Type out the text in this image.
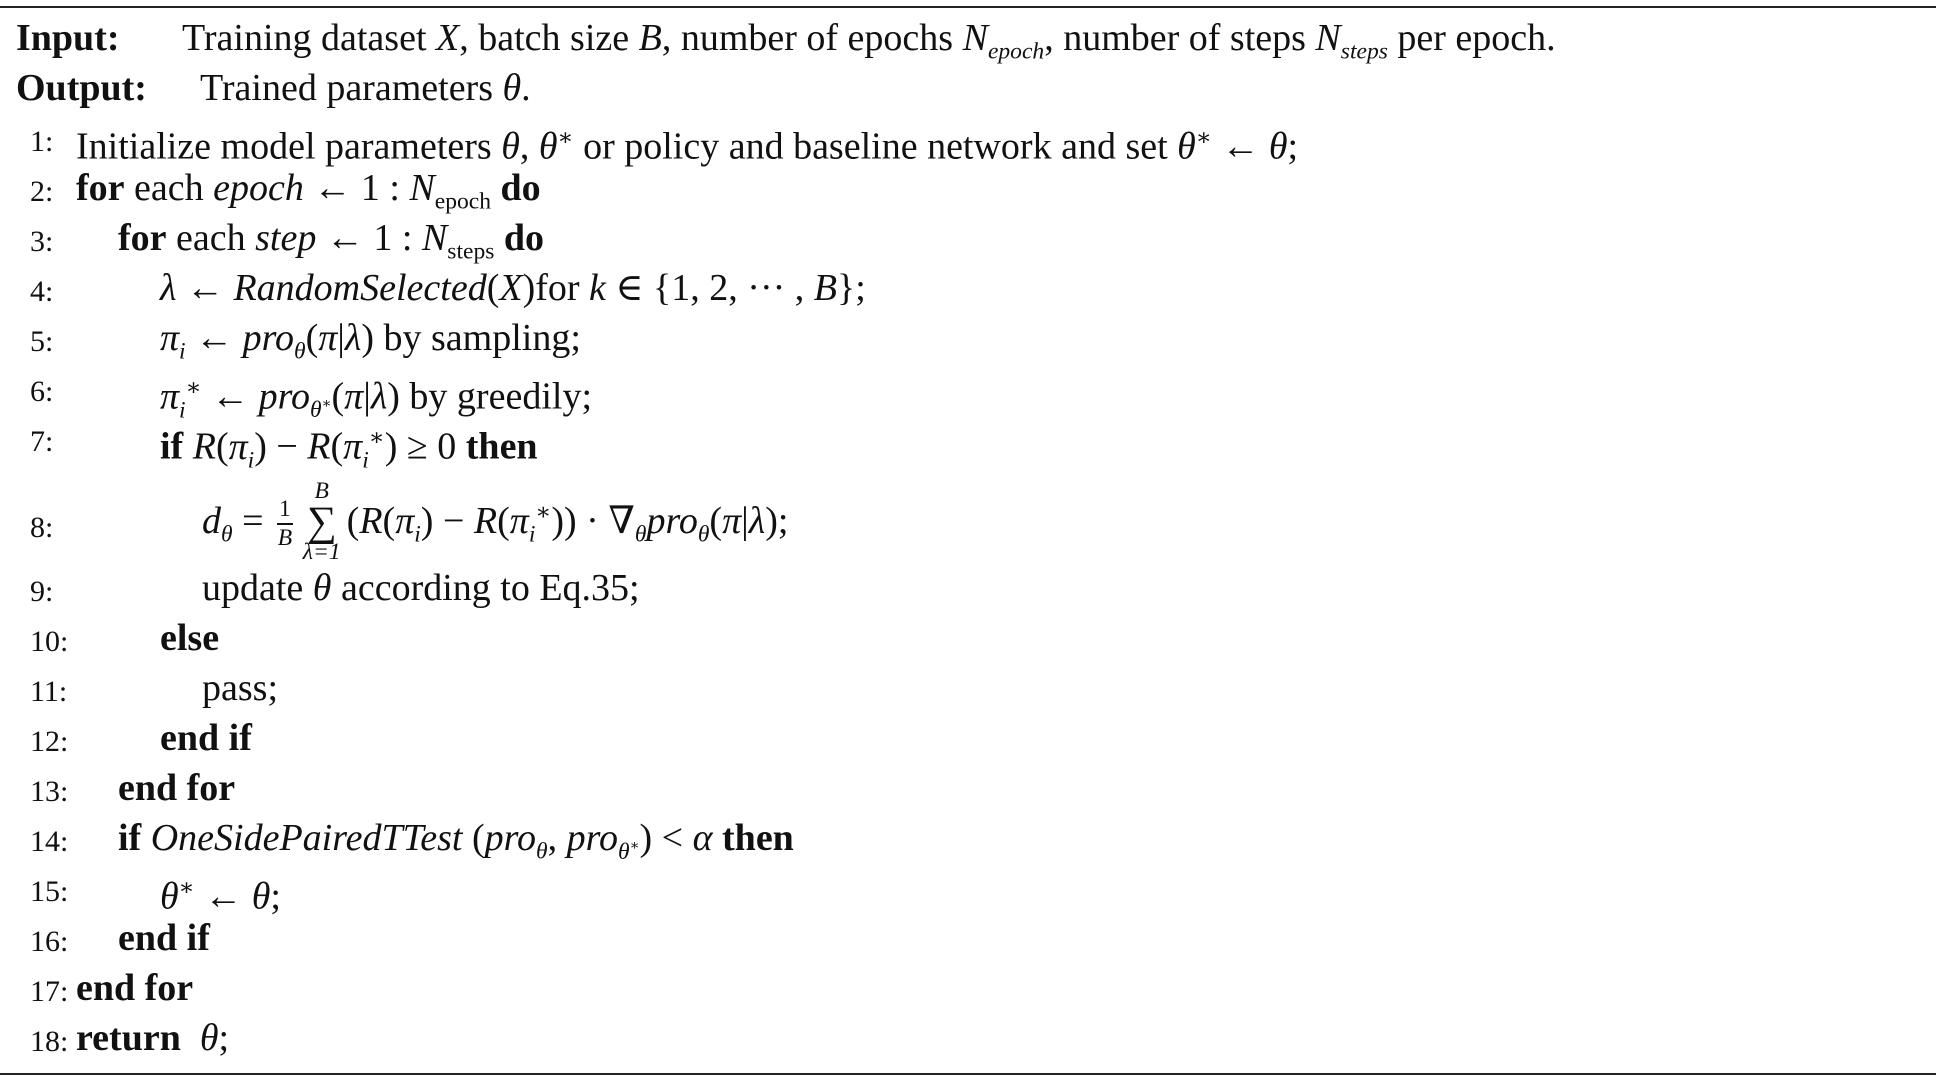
Input: Training dataset X, batch size B, number of epochs $N_{epoch}$, number of steps $N_{steps}$ per epoch.
Output: Trained parameters θ.
1: Initialize model parameters θ, θ∗ or policy and baseline network and set θ∗ ← θ;
2: for each epoch ← 1 : $N_{epoch}$ do
3: for each step ← 1 : $N_{steps}$ do
4:	λ ← RandomSelected(X)for k ∈ {1, 2, ··· , B};
5:	$\pi_i$ ← pro$_\theta$(π|λ) by sampling;
6:	$\pi_i^∗$ ← pro$_{\theta^∗}$(π|λ) by greedily;
7:	if $R(\pi_i) - R(\pi_i^∗) \ge 0$ then
8:	$d_\theta = \frac{1}{B}$
B
∑
λ=1
$(R(\pi_i) - R(\pi_i^∗)) \cdot \nabla_\theta pro_\theta(\pi|\lambda)$;
9:	update θ according to Eq.35;
10: else
11:	pass;
12: end if
13: end for
14: if OneSidePairedTTest (pro$_\theta$, pro$_{\theta^∗}$) < α then
15: θ∗ ← θ;
16: end if
17: end for
18: return θ;
